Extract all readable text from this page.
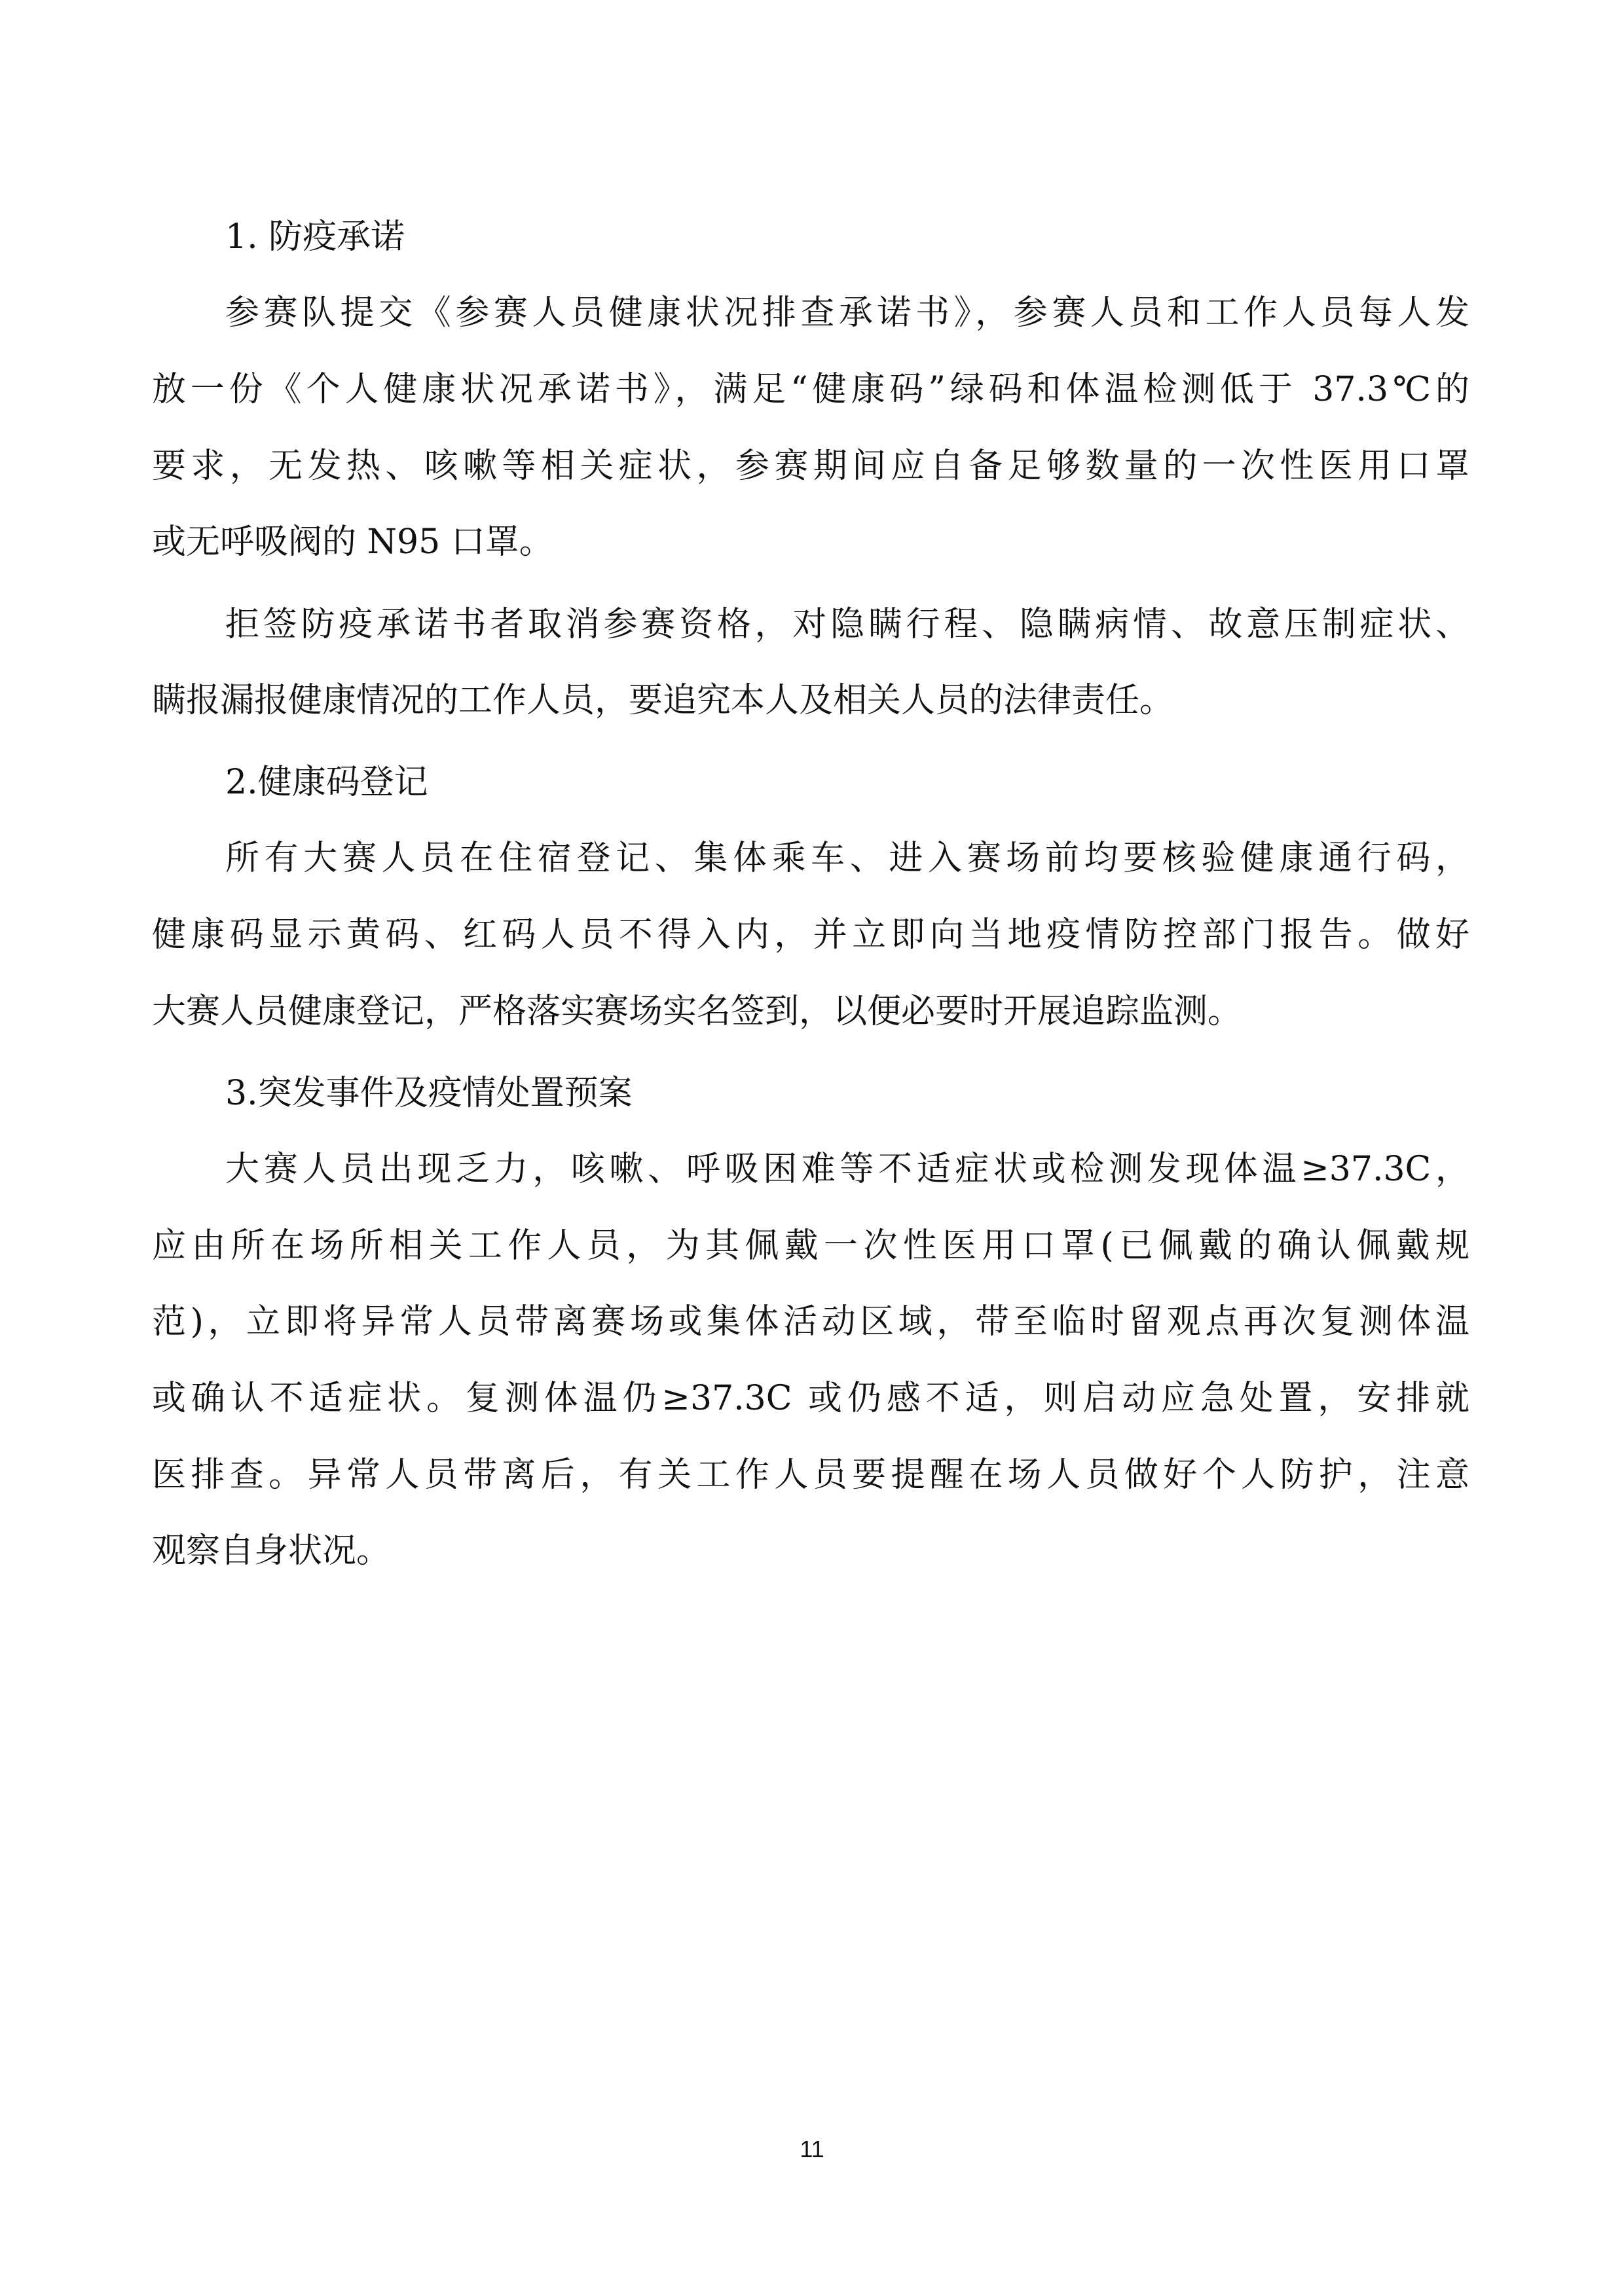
1. 防疫承诺
参赛队提交《参赛人员健康状况排查承诺书》，参赛人员和工作人员每人发
放一份《个人健康状况承诺书》，满足“健康码”绿码和体温检测低于 37.3℃的
要求，无发热、咳嗽等相关症状，参赛期间应自备足够数量的一次性医用口罩
或无呼吸阀的 N95 口罩。
拒签防疫承诺书者取消参赛资格，对隐瞒行程、隐瞒病情、故意压制症状、
瞒报漏报健康情况的工作人员，要追究本人及相关人员的法律责任。
2.健康码登记
所有大赛人员在住宿登记、集体乘车、进入赛场前均要核验健康通行码，
健康码显示黄码、红码人员不得入内，并立即向当地疫情防控部门报告。做好
大赛人员健康登记，严格落实赛场实名签到，以便必要时开展追踪监测。
3.突发事件及疫情处置预案
大赛人员出现乏力，咳嗽、呼吸困难等不适症状或检测发现体温≥37.3C，
应由所在场所相关工作人员，为其佩戴一次性医用口罩(已佩戴的确认佩戴规
范)，立即将异常人员带离赛场或集体活动区域，带至临时留观点再次复测体温
或确认不适症状。复测体温仍≥37.3C 或仍感不适，则启动应急处置，安排就
医排查。异常人员带离后，有关工作人员要提醒在场人员做好个人防护，注意
观察自身状况。
11
